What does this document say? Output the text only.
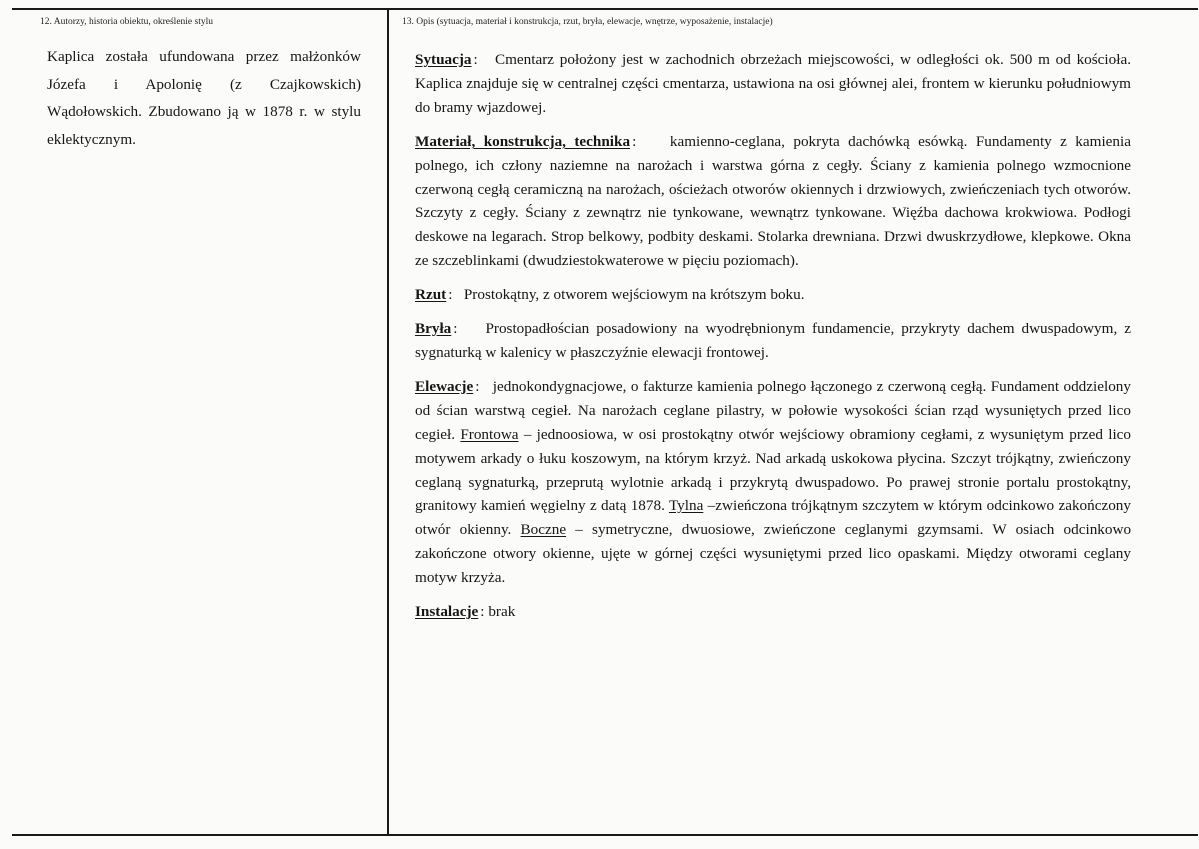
12. Autorzy, historia obiektu, określenie stylu	13. Opis (sytuacja, materiał i konstrukcja, rzut, bryła, elewacje, wnętrze, wyposażenie, instalacje)

Kaplica została ufundowana przez małżonków Józefa i Apolonię (z Czajkowskich) Wądołowskich. Zbudowano ją w 1878 r. w stylu eklektycznym.

Sytuacja :   Cmentarz położony jest w zachodnich obrzeżach miejscowości, w odległości ok. 500 m od kościoła. Kaplica znajduje się w centralnej części cmentarza, ustawiona na osi głównej alei, frontem w kierunku południowym do bramy wjazdowej.

Materiał, konstrukcja, technika :    kamienno-ceglana, pokryta dachówką esówką. Fundamenty z kamienia polnego, ich człony naziemne na narożach i warstwa górna z cegły. Ściany z kamienia polnego wzmocnione czerwoną cegłą ceramiczną na narożach, ościeżach otworów okiennych i drzwiowych, zwieńczeniach tych otworów. Szczyty z cegły. Ściany z zewnątrz nie tynkowane, wewnątrz tynkowane. Więźba dachowa krokwiowa. Podłogi deskowe na legarach. Strop belkowy, podbity deskami. Stolarka drewniana. Drzwi dwuskrzydłowe, klepkowe. Okna ze szczeblinkami (dwudziestokwaterowe w pięciu poziomach).

Rzut :   Prostokątny, z otworem wejściowym na krótszym boku.

Bryła :    Prostopadłościan posadowiony na wyodrębnionym fundamencie, przykryty dachem dwuspadowym, z sygnaturką w kalenicy w płaszczyźnie elewacji frontowej.

Elewacje :   jednokondygnacjowe, o fakturze kamienia polnego łączonego z czerwoną cegłą. Fundament oddzielony od ścian warstwą cegieł. Na narożach ceglane pilastry, w połowie wysokości ścian rząd wysuniętych przed lico cegieł. Frontowa – jednoosiowa, w osi prostokątny otwór wejściowy obramiony cegłami, z wysuniętym przed lico motywem arkady o łuku koszowym, na którym krzyż. Nad arkadą uskokowa płycina. Szczyt trójkątny, zwieńczony ceglaną sygnaturką, przeprutą wylotnie arkadą i przykrytą dwuspadowo. Po prawej stronie portalu prostokątny, granitowy kamień węgielny z datą 1878. Tylna –zwieńczona trójkątnym szczytem w którym odcinkowo zakończony otwór okienny. Boczne – symetryczne, dwuosiowe, zwieńczone ceglanymi gzymsami. W osiach odcinkowo zakończone otwory okienne, ujęte w górnej części wysuniętymi przed lico opaskami. Między otworami ceglany motyw krzyża.

Instalacje : brak
